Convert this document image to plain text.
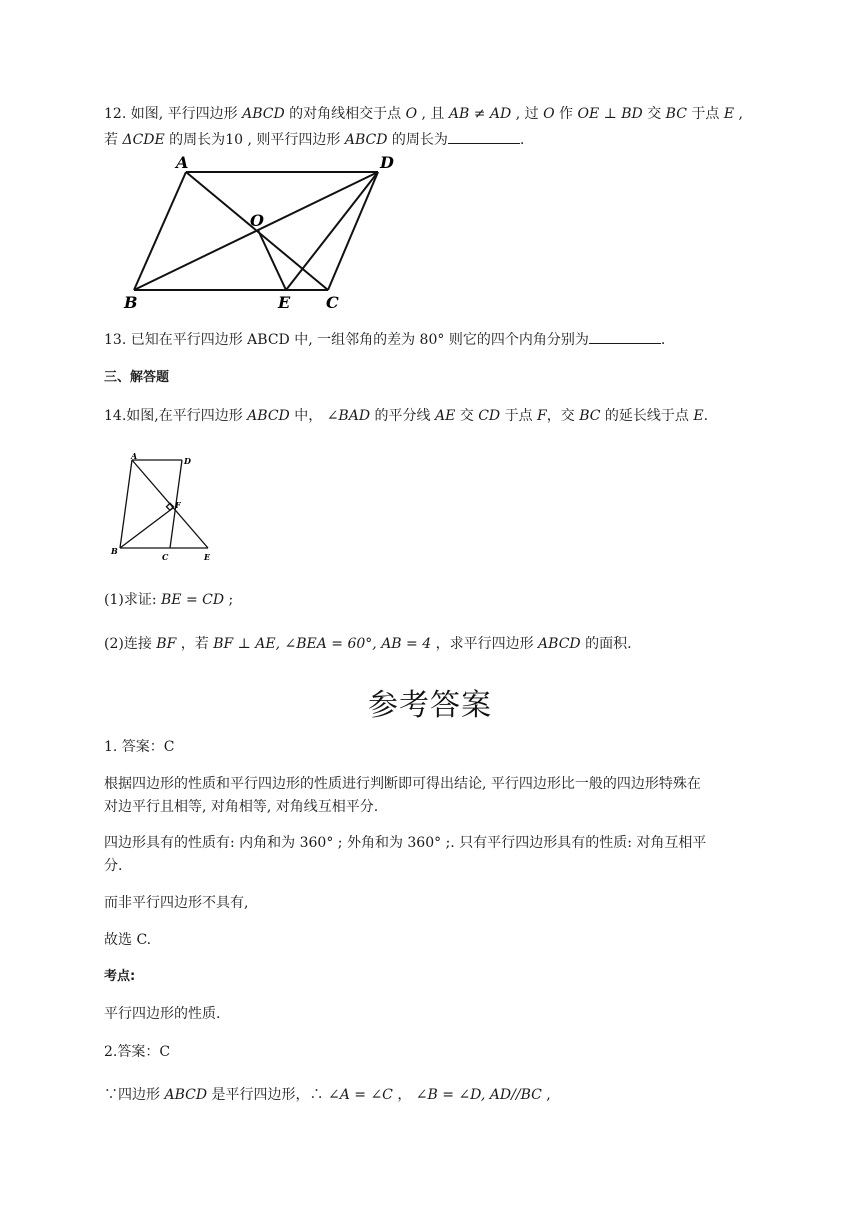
12. 如图, 平行四边形 ABCD 的对角线相交于点 O , 且 AB ≠ AD , 过 O 作 OE ⊥ BD 交 BC 于点 E ,
若 ΔCDE 的周长为10 , 则平行四边形 ABCD 的周长为	.
A	D
O
B	E C
13. 已知在平行四边形 ABCD 中, 一组邻角的差为 80° 则它的四个内角分别为	.
三、解答题
14.如图,在平行四边形 ABCD 中， ∠BAD 的平分线 AE 交 CD 于点 F，交 BC 的延长线于点 E.
A	D
F
B
C	E
(1)求证: BE = CD ;
(2)连接 BF ，若 BF ⊥ AE, ∠BEA = 60°, AB = 4 ，求平行四边形 ABCD 的面积.
参考答案
1. 答案：C
根据四边形的性质和平行四边形的性质进行判断即可得出结论, 平行四边形比一般的四边形特殊在
对边平行且相等, 对角相等, 对角线互相平分.
四边形具有的性质有: 内角和为 360° ; 外角和为 360° ;. 只有平行四边形具有的性质: 对角互相平
分.
而非平行四边形不具有,
故选 C.
考点:
平行四边形的性质.
2.答案：C
∵四边形 ABCD 是平行四边形，∴ ∠A = ∠C ， ∠B = ∠D, AD//BC ,
